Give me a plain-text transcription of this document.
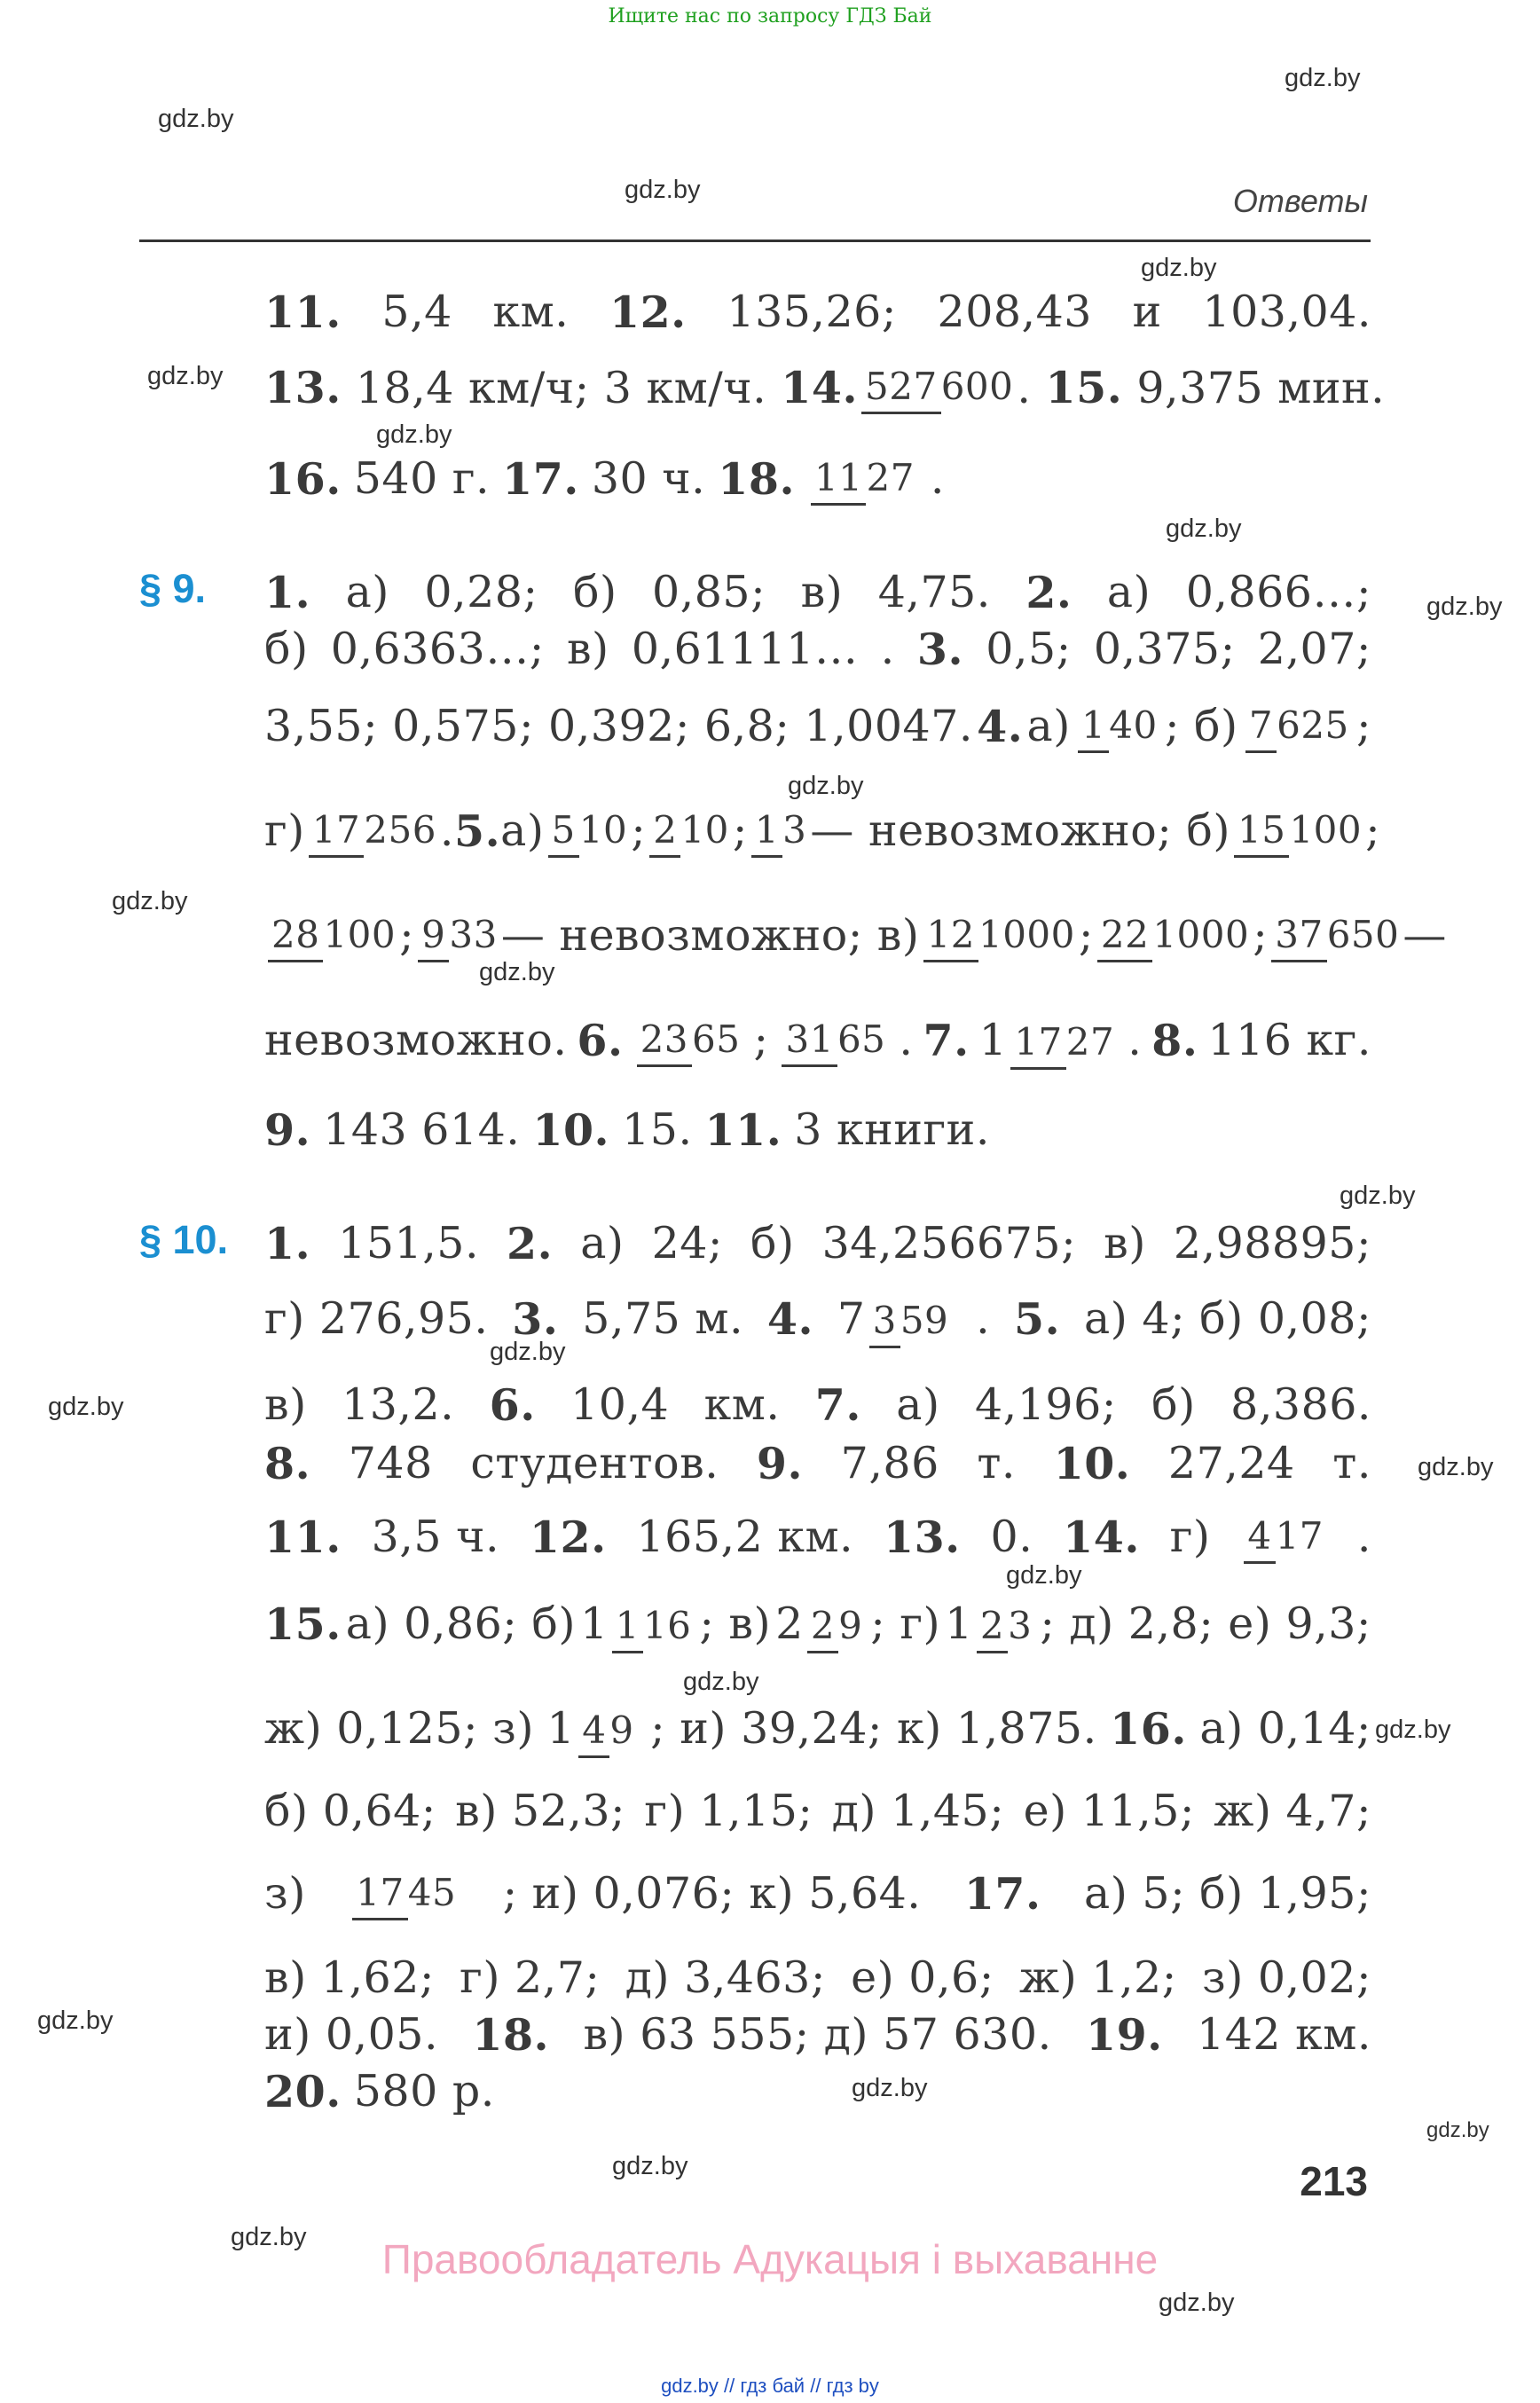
Ищите нас по запросу ГДЗ Бай
gdz.by
gdz.by
gdz.by
gdz.by
gdz.by
gdz.by
gdz.by
gdz.by
gdz.by
gdz.by
gdz.by
gdz.by
gdz.by
gdz.by
gdz.by
gdz.by
gdz.by
gdz.by
gdz.by
gdz.by
gdz.by
gdz.by
gdz.by
gdz.by
Ответы
11. 5,4 км. 12. 135,26; 208,43 и 103,04.
13. 18,4 км/ч; 3 км/ч. 14. 527600 . 15. 9,375 мин.
16. 540 г. 17. 30 ч. 18. 1127 .
§ 9. 1. а) 0,28; б) 0,85; в) 4,75. 2. а) 0,866…;
б) 0,6363…; в) 0,61111… . 3. 0,5; 0,375; 2,07;
3,55; 0,575; 0,392; 6,8; 1,0047. 4. а) 140 ; б) 7625 ;
г) 17256 . 5. а) 510 ; 210 ; 13 — невозможно; б) 15100 ;
28100 ; 933 — невозможно; в) 121000 ; 221000 ; 37650 —
невозможно. 6. 2365 ; 3165 . 7. 1 1727 . 8. 116 кг.
9. 143 614. 10. 15. 11. 3 книги.
§ 10. 1. 151,5. 2. а) 24; б) 34,256675; в) 2,98895;
г) 276,95. 3. 5,75 м. 4. 7 359 . 5. а) 4; б) 0,08;
в) 13,2. 6. 10,4 км. 7. а) 4,196; б) 8,386.
8. 748 студентов. 9. 7,86 т. 10. 27,24 т.
11. 3,5 ч. 12. 165,2 км. 13. 0. 14. г) 417 .
15. а) 0,86; б) 1 116 ; в) 2 29 ; г) 1 23 ; д) 2,8; е) 9,3;
ж) 0,125; з) 1 49 ; и) 39,24; к) 1,875. 16. а) 0,14;
б) 0,64; в) 52,3; г) 1,15; д) 1,45; е) 11,5; ж) 4,7;
з) 1745 ; и) 0,076; к) 5,64. 17. а) 5; б) 1,95;
в) 1,62; г) 2,7; д) 3,463; е) 0,6; ж) 1,2; з) 0,02;
и) 0,05. 18. в) 63 555; д) 57 630. 19. 142 км.
20. 580 р.
213
Правообладатель Адукацыя і выхаванне
gdz.by // гдз бай // гдз by
